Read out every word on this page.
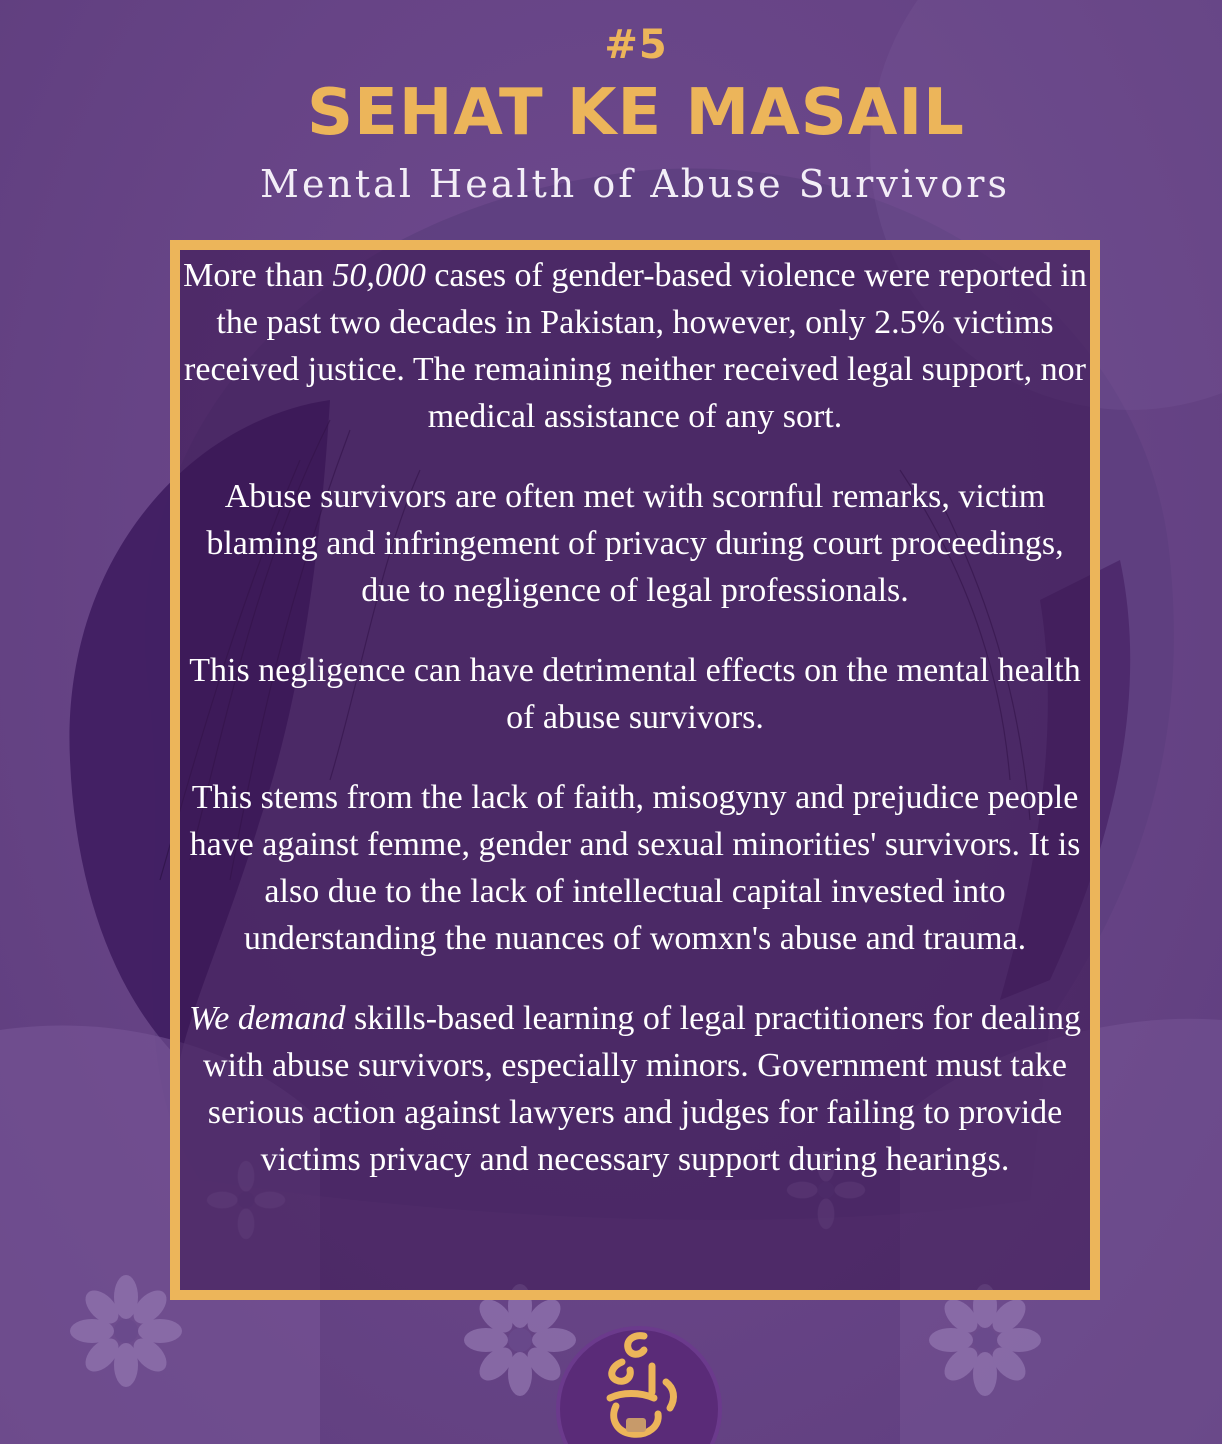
#5
SEHAT KE MASAIL
Mental Health of Abuse Survivors

More than 50,000 cases of gender-based violence were reported in the past two decades in Pakistan, however, only 2.5% victims received justice. The remaining neither received legal support, nor medical assistance of any sort.

Abuse survivors are often met with scornful remarks, victim blaming and infringement of privacy during court proceedings, due to negligence of legal professionals.

This negligence can have detrimental effects on the mental health of abuse survivors.

This stems from the lack of faith, misogyny and prejudice people have against femme, gender and sexual minorities' survivors. It is also due to the lack of intellectual capital invested into understanding the nuances of womxn's abuse and trauma.

We demand skills-based learning of legal practitioners for dealing with abuse survivors, especially minors. Government must take serious action against lawyers and judges for failing to provide victims privacy and necessary support during hearings.
